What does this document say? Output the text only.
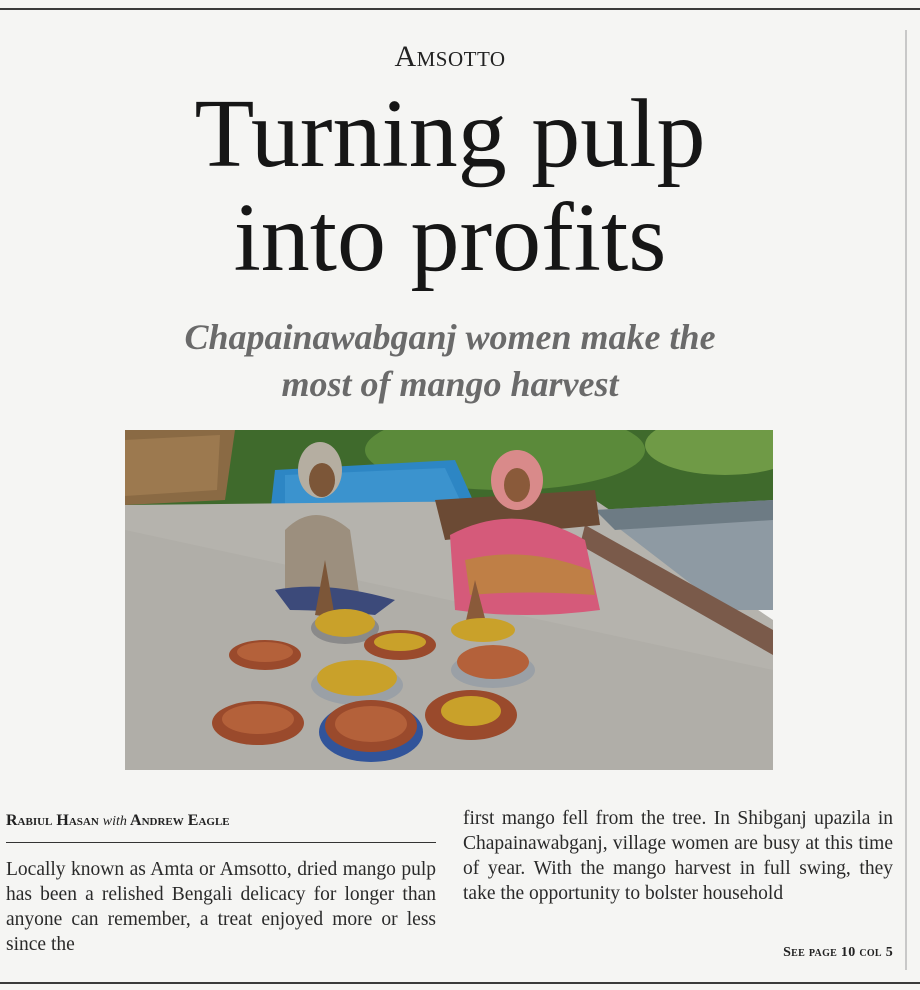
Amsotto
Turning pulp
into profits
Chapainawabganj women make the
most of mango harvest
Rabiul Hasan with Andrew Eagle
Locally known as Amta or Amsotto, dried mango pulp has been a relished Bengali delicacy for longer than anyone can remember, a treat enjoyed more or less since the
first mango fell from the tree. In Shibganj upazila in Chapainawabganj, village women are busy at this time of year. With the mango harvest in full swing, they take the opportunity to bolster household
See page 10 col 5
